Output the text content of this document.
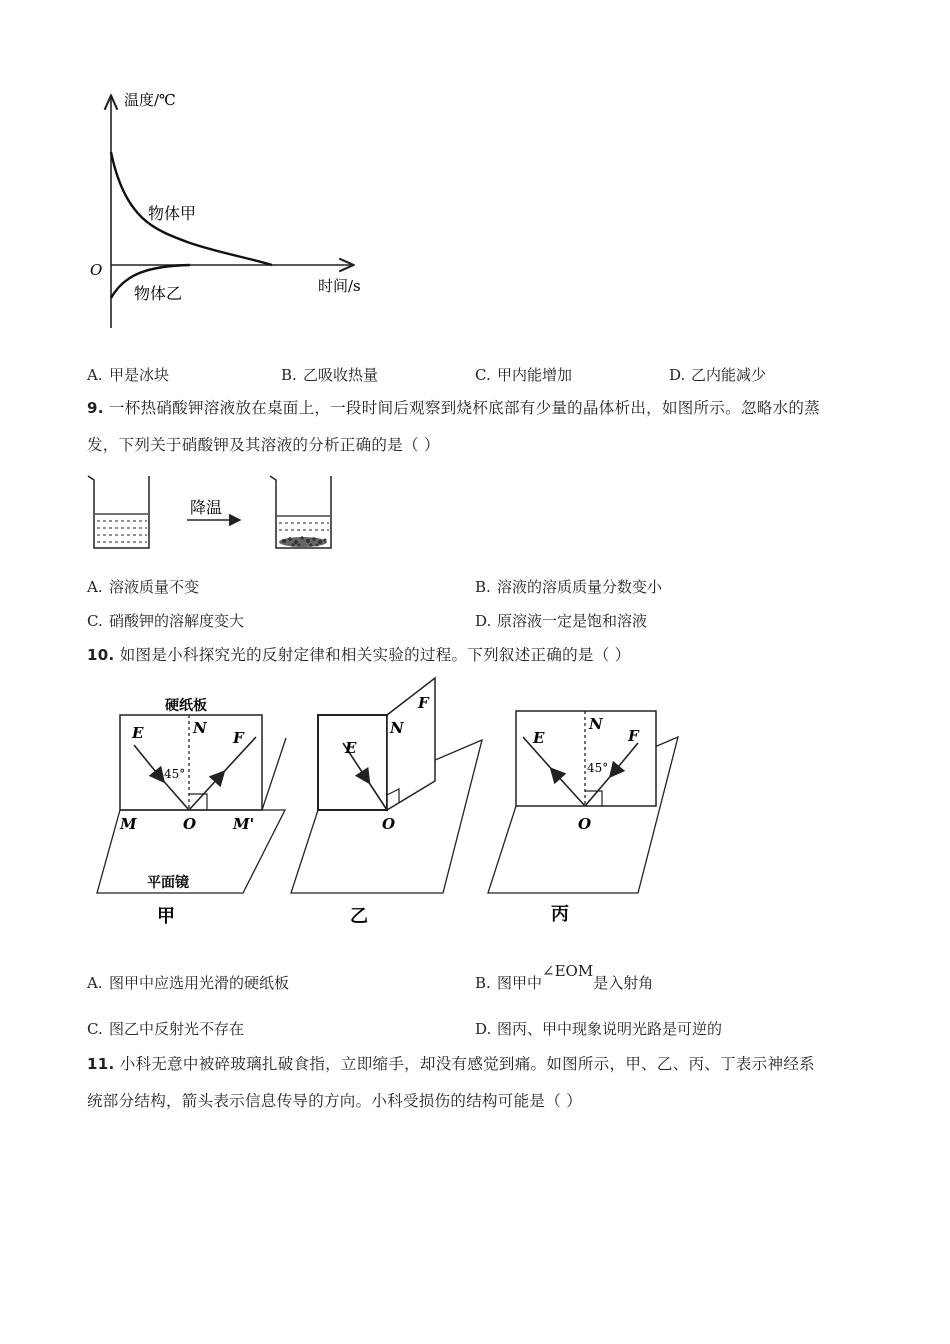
温度/℃
时间/s
O
物体甲
物体乙
A. 甲是冰块	B. 乙吸收热量	C. 甲内能增加	D. 乙内能减少
9. 一杯热硝酸钾溶液放在桌面上，一段时间后观察到烧杯底部有少量的晶体析出，如图所示。忽略水的蒸
发，下列关于硝酸钾及其溶液的分析正确的是（ ）
降温
A. 溶液质量不变	B. 溶液的溶质质量分数变小
C. 硝酸钾的溶解度变大	D. 原溶液一定是饱和溶液
10. 如图是小科探究光的反射定律和相关实验的过程。下列叙述正确的是（ ）
硬纸板
E	N
F
45°
M	O M'
平面镜
甲
E
N
F
O
乙
E
N
F
45°
O
丙
A. 图甲中应选用光滑的硬纸板	B. 图甲中∠EOM是入射角
C. 图乙中反射光不存在	D. 图丙、甲中现象说明光路是可逆的
11. 小科无意中被碎玻璃扎破食指，立即缩手，却没有感觉到痛。如图所示，甲、乙、丙、丁表示神经系
统部分结构，箭头表示信息传导的方向。小科受损伤的结构可能是（ ）
